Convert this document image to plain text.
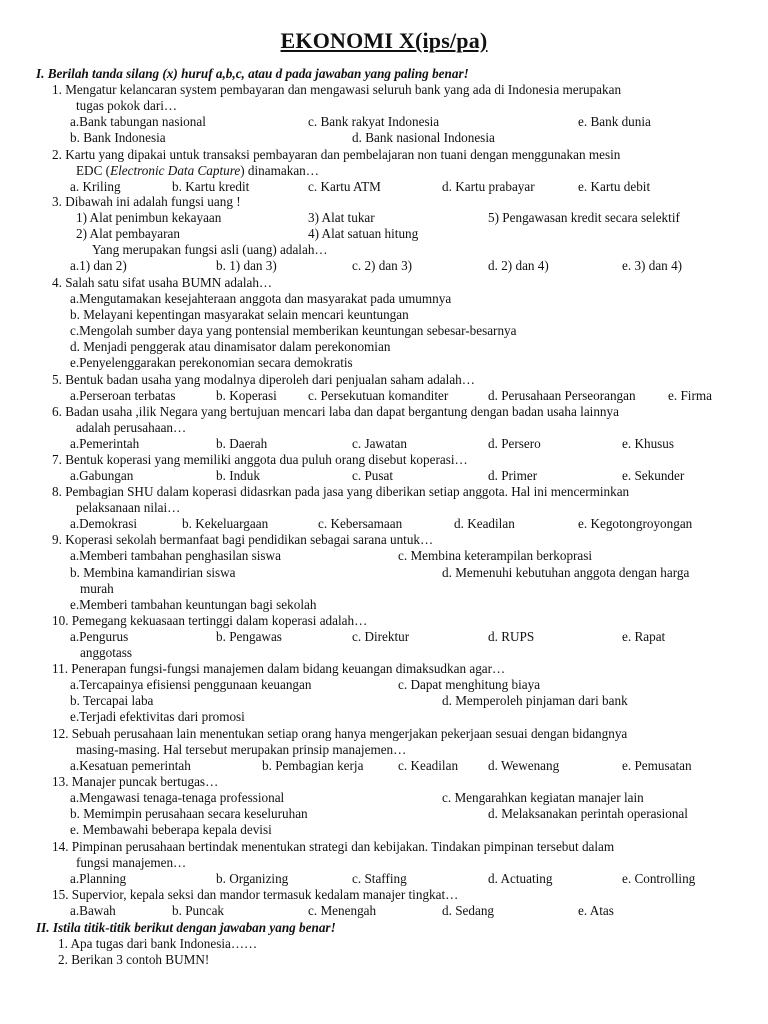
EKONOMI X(ips/pa)
I. Berilah tanda silang (x) huruf a,b,c, atau d pada jawaban yang paling benar!
1. Mengatur kelancaran system pembayaran dan mengawasi seluruh bank yang ada di Indonesia merupakan
tugas pokok dari…
a.Bank tabungan nasional	c. Bank rakyat Indonesia	e. Bank dunia
b. Bank Indonesia	d. Bank nasional Indonesia
2. Kartu yang dipakai untuk transaksi pembayaran dan pembelajaran non tuani dengan menggunakan mesin
EDC (Electronic Data Capture) dinamakan…
a. Kriling	b. Kartu kredit	c. Kartu ATM	d. Kartu prabayar	e. Kartu debit
3. Dibawah ini adalah fungsi uang !
1) Alat penimbun kekayaan	3) Alat tukar	5) Pengawasan kredit secara selektif
2) Alat pembayaran	4) Alat satuan hitung
Yang merupakan fungsi asli (uang) adalah…
a.1) dan 2)	b. 1) dan 3)	c. 2) dan 3)	d. 2) dan 4)	e. 3) dan 4)
4. Salah satu sifat usaha BUMN adalah…
a.Mengutamakan kesejahteraan anggota dan masyarakat pada umumnya
b. Melayani kepentingan masyarakat selain mencari keuntungan
c.Mengolah sumber daya yang pontensial memberikan keuntungan sebesar-besarnya
d. Menjadi penggerak atau dinamisator dalam perekonomian
e.Penyelenggarakan perekonomian secara demokratis
5. Bentuk badan usaha yang modalnya diperoleh dari penjualan saham adalah…
a.Perseroan terbatas	b. Koperasi c. Persekutuan komanditer	d. Perusahaan Perseorangan e. Firma
6. Badan usaha ,ilik Negara yang bertujuan mencari laba dan dapat bergantung dengan badan usaha lainnya
adalah perusahaan…
a.Pemerintah	b. Daerah	c. Jawatan	d. Persero	e. Khusus
7. Bentuk koperasi yang memiliki anggota dua puluh orang disebut koperasi…
a.Gabungan	b. Induk	c. Pusat	d. Primer	e. Sekunder
8. Pembagian SHU dalam koperasi didasrkan pada jasa yang diberikan setiap anggota. Hal ini mencerminkan
pelaksanaan nilai…
a.Demokrasi	b. Kekeluargaan	c. Kebersamaan	d. Keadilan	e. Kegotongroyongan
9. Koperasi sekolah bermanfaat bagi pendidikan sebagai sarana untuk…
a.Memberi tambahan penghasilan siswa	c. Membina keterampilan berkoprasi
b. Membina kamandirian siswa	d. Memenuhi kebutuhan anggota dengan harga
murah
e.Memberi tambahan keuntungan bagi sekolah
10. Pemegang kekuasaan tertinggi dalam koperasi adalah…
a.Pengurus	b. Pengawas	c. Direktur	d. RUPS	e. Rapat
anggotass
11. Penerapan fungsi-fungsi manajemen dalam bidang keuangan dimaksudkan agar…
a.Tercapainya efisiensi penggunaan keuangan	c. Dapat menghitung biaya
b. Tercapai laba	d. Memperoleh pinjaman dari bank
e.Terjadi efektivitas dari promosi
12. Sebuah perusahaan lain menentukan setiap orang hanya mengerjakan pekerjaan sesuai dengan bidangnya
masing-masing. Hal tersebut merupakan prinsip manajemen…
a.Kesatuan pemerintah	b. Pembagian kerja	c. Keadilan d. Wewenang	e. Pemusatan
13. Manajer puncak bertugas…
a.Mengawasi tenaga-tenaga professional	c. Mengarahkan kegiatan manajer lain
b. Memimpin perusahaan secara keseluruhan	d. Melaksanakan perintah operasional
e. Membawahi beberapa kepala devisi
14. Pimpinan perusahaan bertindak menentukan strategi dan kebijakan. Tindakan pimpinan tersebut dalam
fungsi manajemen…
a.Planning	b. Organizing	c. Staffing	d. Actuating	e. Controlling
15. Supervior, kepala seksi dan mandor termasuk kedalam manajer tingkat…
a.Bawah	b. Puncak	c. Menengah	d. Sedang	e. Atas
II. Istila titik-titik berikut dengan jawaban yang benar!
1. Apa tugas dari bank Indonesia……
2. Berikan 3 contoh BUMN!
